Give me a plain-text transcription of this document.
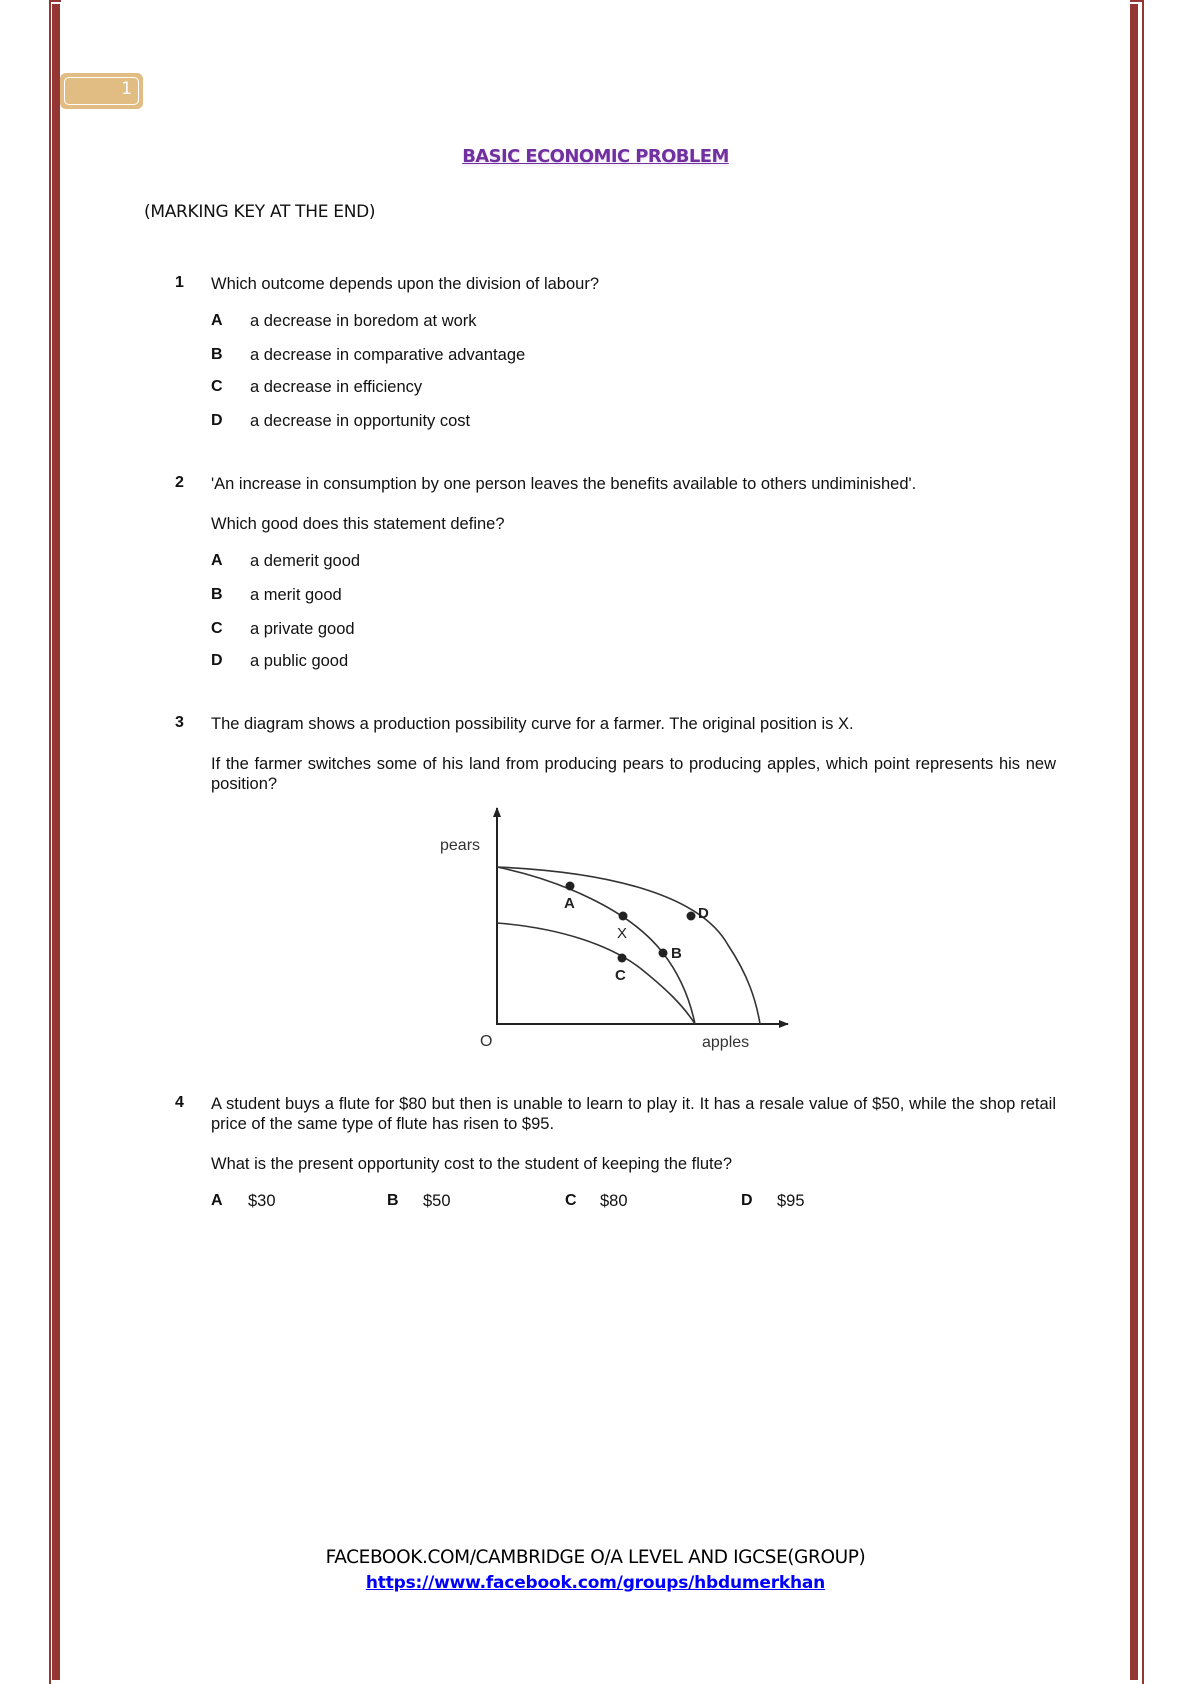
1
BASIC ECONOMIC PROBLEM
(MARKING KEY AT THE END)
1 Which outcome depends upon the division of labour?
A a decrease in boredom at work
B a decrease in comparative advantage
C a decrease in efficiency
D a decrease in opportunity cost
2 'An increase in consumption by one person leaves the benefits available to others undiminished'.
Which good does this statement define?
A a demerit good
B a merit good
C a private good
D a public good
3 The diagram shows a production possibility curve for a farmer. The original position is X.
If the farmer switches some of his land from producing pears to producing apples, which point represents his new position?
pears
apples
O
A
X
B
C
D
4 A student buys a flute for $80 but then is unable to learn to play it. It has a resale value of $50, while the shop retail price of the same type of flute has risen to $95.
What is the present opportunity cost to the student of keeping the flute?
A $30	B $50	C $80	D $95
FACEBOOK.COM/CAMBRIDGE O/A LEVEL AND IGCSE(GROUP)
https://www.facebook.com/groups/hbdumerkhan
